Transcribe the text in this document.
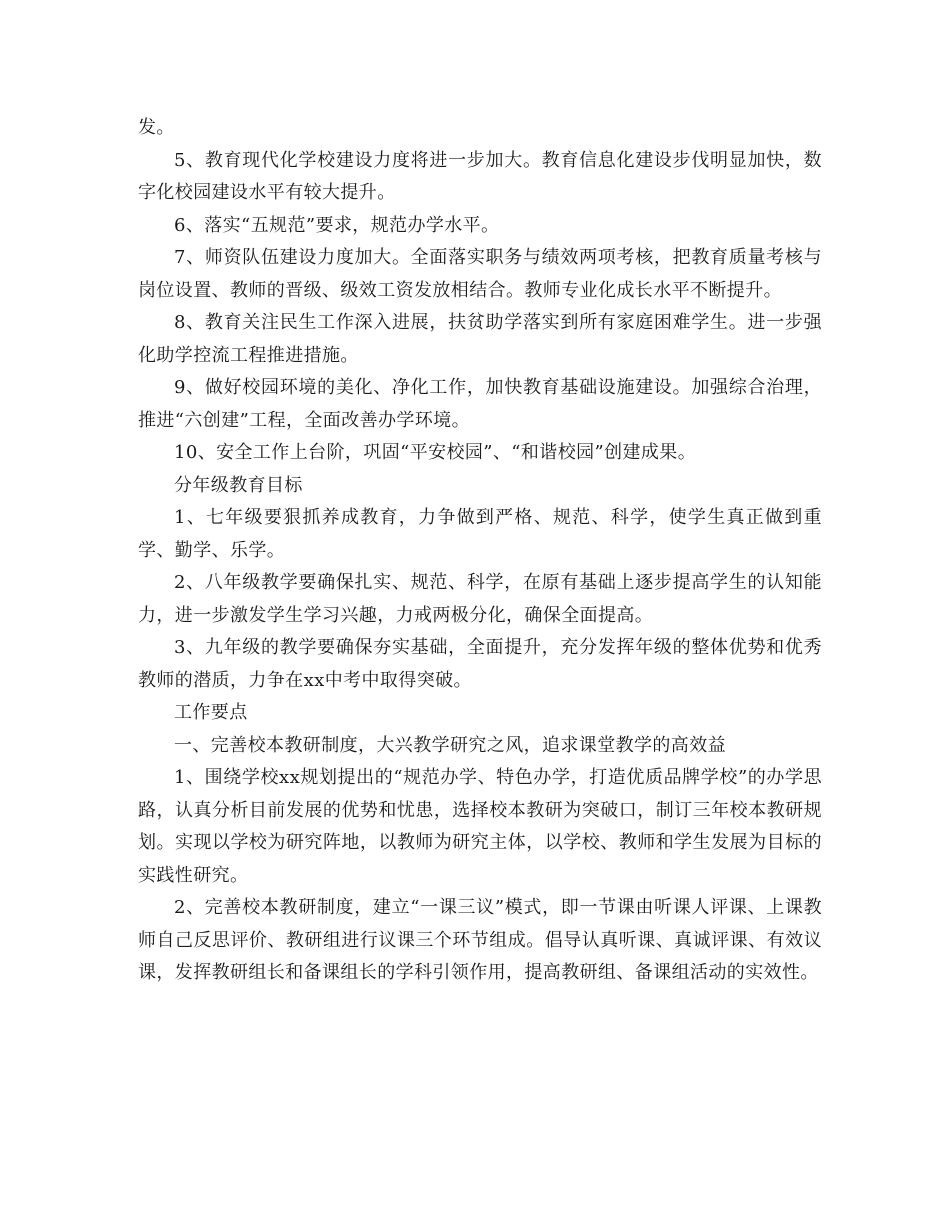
发。

5、教育现代化学校建设力度将进一步加大。教育信息化建设步伐明显加快，数字化校园建设水平有较大提升。

6、落实“五规范”要求，规范办学水平。

7、师资队伍建设力度加大。全面落实职务与绩效两项考核，把教育质量考核与岗位设置、教师的晋级、级效工资发放相结合。教师专业化成长水平不断提升。

8、教育关注民生工作深入进展，扶贫助学落实到所有家庭困难学生。进一步强化助学控流工程推进措施。

9、做好校园环境的美化、净化工作，加快教育基础设施建设。加强综合治理，推进“六创建”工程，全面改善办学环境。

10、安全工作上台阶，巩固“平安校园”、“和谐校园”创建成果。

分年级教育目标

1、七年级要狠抓养成教育，力争做到严格、规范、科学，使学生真正做到重学、勤学、乐学。

2、八年级教学要确保扎实、规范、科学，在原有基础上逐步提高学生的认知能力，进一步激发学生学习兴趣，力戒两极分化，确保全面提高。

3、九年级的教学要确保夯实基础，全面提升，充分发挥年级的整体优势和优秀教师的潜质，力争在xx中考中取得突破。

工作要点

一、完善校本教研制度，大兴教学研究之风，追求课堂教学的高效益

1、围绕学校xx规划提出的“规范办学、特色办学，打造优质品牌学校”的办学思路，认真分析目前发展的优势和忧患，选择校本教研为突破口，制订三年校本教研规划。实现以学校为研究阵地，以教师为研究主体，以学校、教师和学生发展为目标的实践性研究。

2、完善校本教研制度，建立“一课三议”模式，即一节课由听课人评课、上课教师自己反思评价、教研组进行议课三个环节组成。倡导认真听课、真诚评课、有效议课，发挥教研组长和备课组长的学科引领作用，提高教研组、备课组活动的实效性。
